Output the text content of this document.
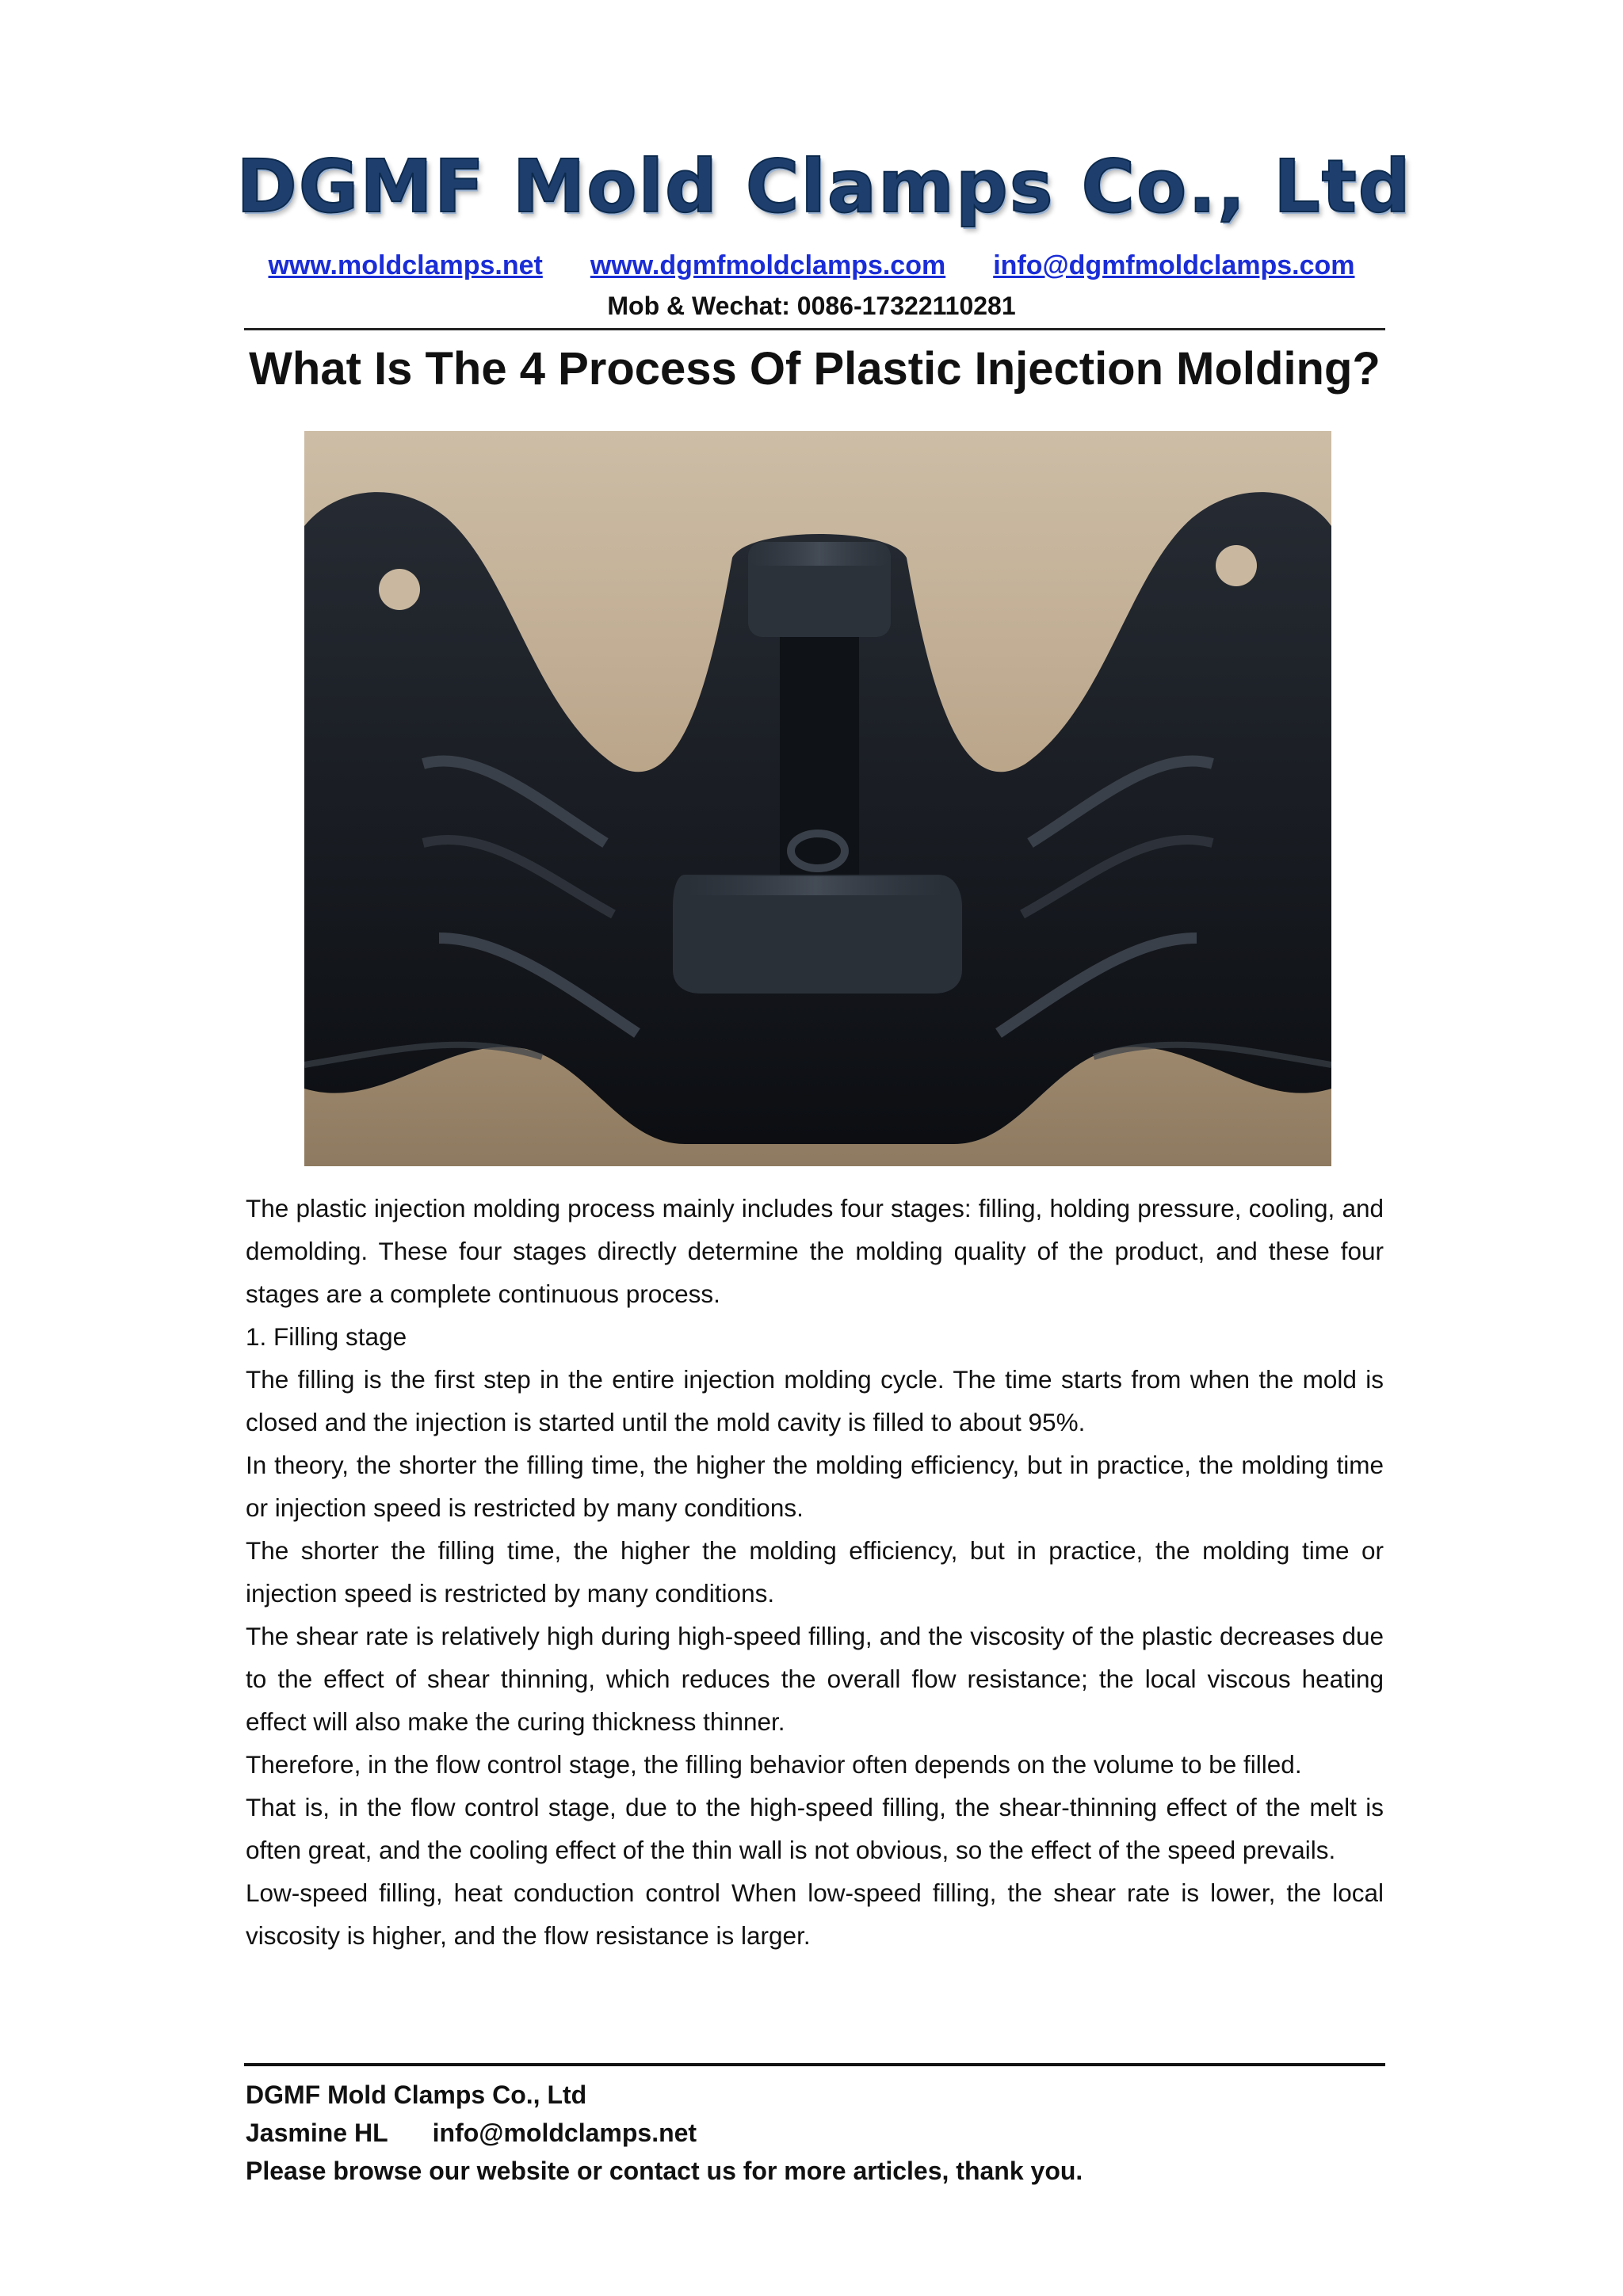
DGMF Mold Clamps Co., Ltd
www.moldclamps.net www.dgmfmoldclamps.com info@dgmfmoldclamps.com
Mob & Wechat: 0086-17322110281
What Is The 4 Process Of Plastic Injection Molding?

The plastic injection molding process mainly includes four stages: filling, holding pressure, cooling, and demolding. These four stages directly determine the molding quality of the product, and these four stages are a complete continuous process.

1. Filling stage

The filling is the first step in the entire injection molding cycle. The time starts from when the mold is closed and the injection is started until the mold cavity is filled to about 95%.

In theory, the shorter the filling time, the higher the molding efficiency, but in practice, the molding time or injection speed is restricted by many conditions.

The shorter the filling time, the higher the molding efficiency, but in practice, the molding time or injection speed is restricted by many conditions.

The shear rate is relatively high during high-speed filling, and the viscosity of the plastic decreases due to the effect of shear thinning, which reduces the overall flow resistance; the local viscous heating effect will also make the curing thickness thinner.

Therefore, in the flow control stage, the filling behavior often depends on the volume to be filled.

That is, in the flow control stage, due to the high-speed filling, the shear-thinning effect of the melt is often great, and the cooling effect of the thin wall is not obvious, so the effect of the speed prevails.

Low-speed filling, heat conduction control When low-speed filling, the shear rate is lower, the local viscosity is higher, and the flow resistance is larger.

DGMF Mold Clamps Co., Ltd
Jasmine HL info@moldclamps.net
Please browse our website or contact us for more articles, thank you.
